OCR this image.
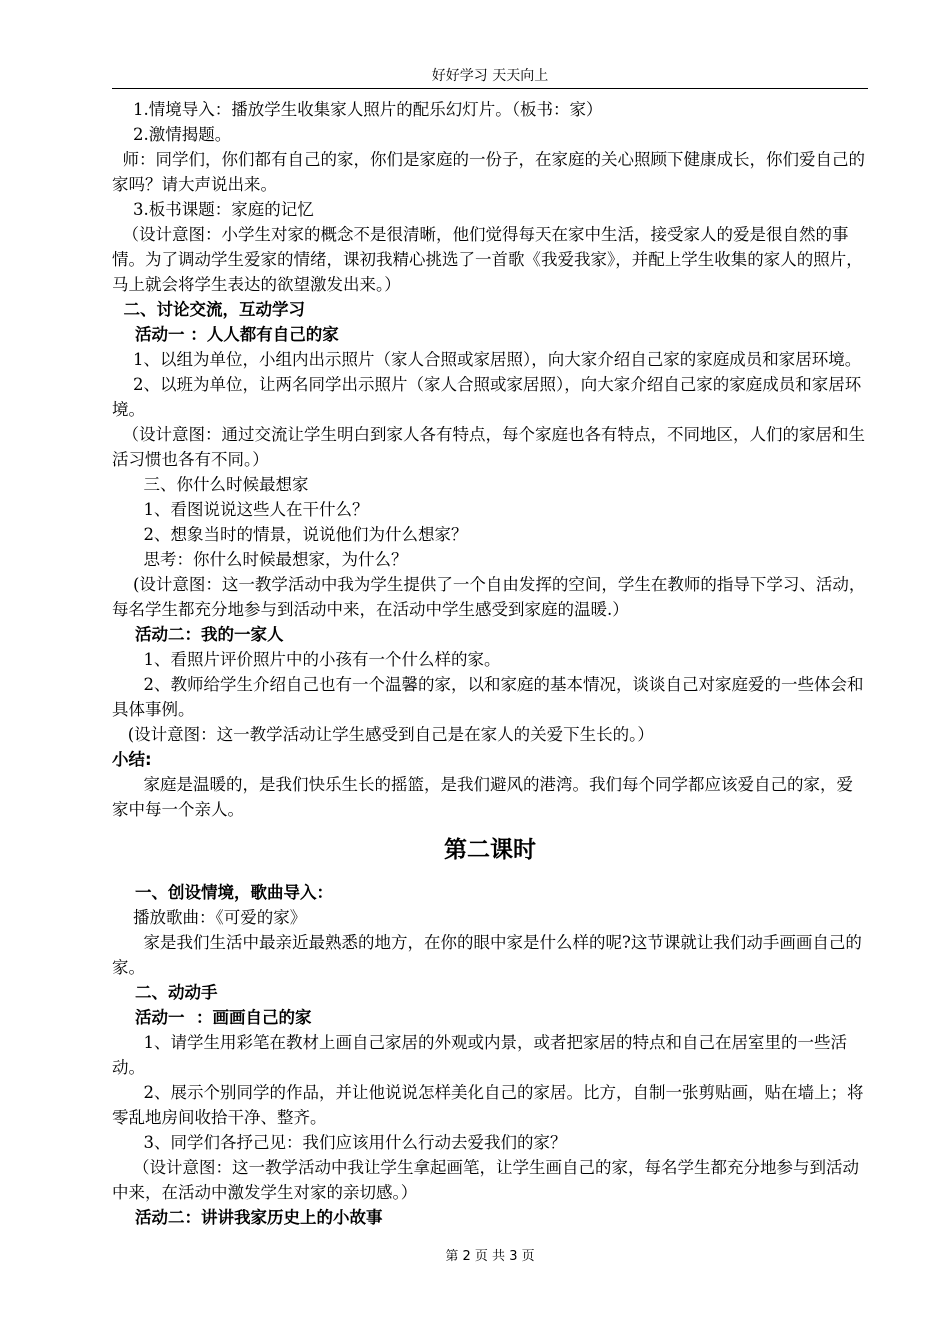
好好学习 天天向上

1.情境导入：播放学生收集家人照片的配乐幻灯片。（板书：家）

2.激情揭题。

师：同学们，你们都有自己的家，你们是家庭的一份子，在家庭的关心照顾下健康成长，你们爱自己的家吗？请大声说出来。

3.板书课题：家庭的记忆

（设计意图：小学生对家的概念不是很清晰，他们觉得每天在家中生活，接受家人的爱是很自然的事情。为了调动学生爱家的情绪，课初我精心挑选了一首歌《我爱我家》，并配上学生收集的家人的照片，马上就会将学生表达的欲望激发出来。）

二、讨论交流，互动学习

活动一 ：人人都有自己的家

1、以组为单位，小组内出示照片（家人合照或家居照），向大家介绍自己家的家庭成员和家居环境。

2、以班为单位，让两名同学出示照片（家人合照或家居照），向大家介绍自己家的家庭成员和家居环境。

（设计意图：通过交流让学生明白到家人各有特点，每个家庭也各有特点，不同地区，人们的家居和生活习惯也各有不同。）

三、你什么时候最想家

1、看图说说这些人在干什么？

2、想象当时的情景，说说他们为什么想家？

思考：你什么时候最想家，为什么？

(设计意图：这一教学活动中我为学生提供了一个自由发挥的空间，学生在教师的指导下学习、活动，每名学生都充分地参与到活动中来，在活动中学生感受到家庭的温暖.）

活动二：我的一家人

1、看照片评价照片中的小孩有一个什么样的家。

2、教师给学生介绍自己也有一个温馨的家，以和家庭的基本情况，谈谈自己对家庭爱的一些体会和具体事例。

(设计意图：这一教学活动让学生感受到自己是在家人的关爱下生长的。）

小结:

家庭是温暖的，是我们快乐生长的摇篮，是我们避风的港湾。我们每个同学都应该爱自己的家，爱家中每一个亲人。

第二课时

一、创设情境，歌曲导入：

播放歌曲：《可爱的家》

家是我们生活中最亲近最熟悉的地方，在你的眼中家是什么样的呢?这节课就让我们动手画画自己的家。

二、动动手

活动一  ：画画自己的家

1、请学生用彩笔在教材上画自己家居的外观或内景，或者把家居的特点和自己在居室里的一些活动。

2、展示个别同学的作品，并让他说说怎样美化自己的家居。比方，自制一张剪贴画，贴在墙上；将零乱地房间收拾干净、整齐。

3、同学们各抒己见：我们应该用什么行动去爱我们的家？

（设计意图：这一教学活动中我让学生拿起画笔，让学生画自己的家，每名学生都充分地参与到活动中来，在活动中激发学生对家的亲切感。）

活动二：讲讲我家历史上的小故事

第 2 页 共 3 页
